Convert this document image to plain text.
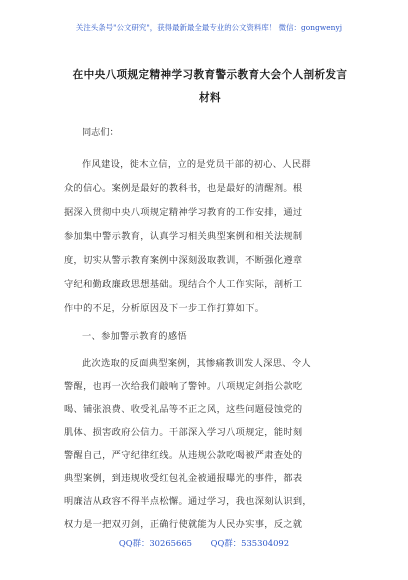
关注头条号"公文研究"，获得最新最全最专业的公文资料库！ 微信：gongwenyj
在中央八项规定精神学习教育警示教育大会个人剖析发言
材料
同志们：
作风建设，徙木立信，立的是党员干部的初心、人民群
众的信心。案例是最好的教科书，也是最好的清醒剂。根
据深入贯彻中央八项规定精神学习教育的工作安排，通过
参加集中警示教育，认真学习相关典型案例和相关法规制
度，切实从警示教育案例中深刻汲取教训，不断强化遵章
守纪和勤政廉政思想基础。现结合个人工作实际，剖析工
作中的不足，分析原因及下一步工作打算如下。
一、参加警示教育的感悟
此次选取的反面典型案例，其惨痛教训发人深思、令人
警醒，也再一次给我们敲响了警钟。八项规定剑指公款吃
喝、铺张浪费、收受礼品等不正之风，这些问题侵蚀党的
肌体、损害政府公信力。干部深入学习八项规定，能时刻
警醒自己，严守纪律红线。从违规公款吃喝被严肃查处的
典型案例，到违规收受红包礼金被通报曝光的事件，都表
明廉洁从政容不得半点松懈。通过学习，我也深刻认识到，
QQ群：30265665 QQ群：535304092
权力是一把双刃剑，正确行使就能为人民办实事，反之就
